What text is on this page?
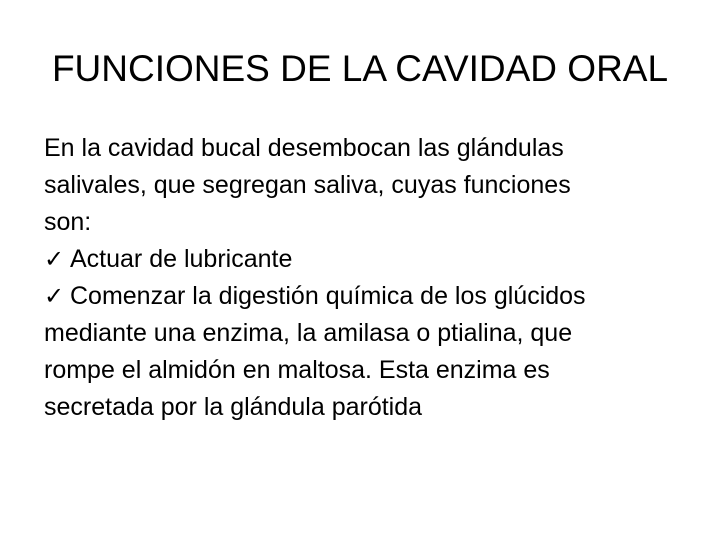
FUNCIONES DE LA CAVIDAD ORAL
En la cavidad bucal desembocan las glándulas
salivales, que segregan saliva, cuyas funciones
son:
✓ Actuar de lubricante
✓ Comenzar la digestión química de los glúcidos
mediante una enzima, la amilasa o ptialina, que
rompe el almidón en maltosa. Esta enzima es
secretada por la glándula parótida
